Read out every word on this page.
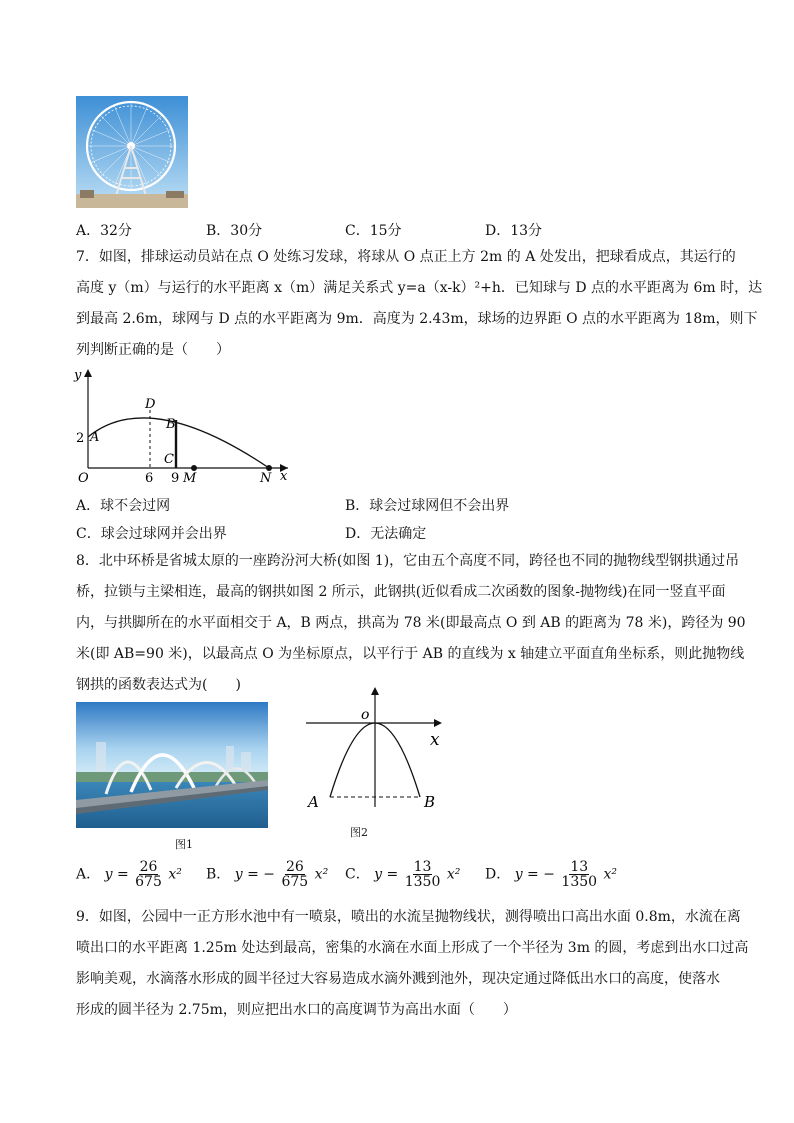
A．32分	B．30分	C．15分	D．13分
7．如图，排球运动员站在点 O 处练习发球，将球从 O 点正上方 2m 的 A 处发出，把球看成点，其运行的
高度 y（m）与运行的水平距离 x（m）满足关系式 y=a（x-k）²+h．已知球与 D 点的水平距离为 6m 时，达
到最高 2.6m，球网与 D 点的水平距离为 9m．高度为 2.43m，球场的边界距 O 点的水平距离为 18m，则下
列判断正确的是（　　）
y
x
O
D
B
C
A
2
6 9 M	N
A．球不会过网	B．球会过球网但不会出界
C．球会过球网并会出界	D．无法确定
8．北中环桥是省城太原的一座跨汾河大桥(如图 1)，它由五个高度不同，跨径也不同的抛物线型钢拱通过吊
桥，拉锁与主梁相连，最高的钢拱如图 2 所示，此钢拱(近似看成二次函数的图象-抛物线)在同一竖直平面
内，与拱脚所在的水平面相交于 A，B 两点，拱高为 78 米(即最高点 O 到 AB 的距离为 78 米)，跨径为 90
米(即 AB=90 米)，以最高点 O 为坐标原点，以平行于 AB 的直线为 x 轴建立平面直角坐标系，则此抛物线
钢拱的函数表达式为(　　)
图1
o
x
A	B
图2
A． $y = \frac{26}{675} x^2$ B． y = − $\frac{26}{675} x^2$ C． $y = \frac{13}{1350} x^2$ D． y = − $\frac{13}{1350} x^2$
9．如图，公园中一正方形水池中有一喷泉，喷出的水流呈抛物线状，测得喷出口高出水面 0.8m，水流在离
喷出口的水平距离 1.25m 处达到最高，密集的水滴在水面上形成了一个半径为 3m 的圆，考虑到出水口过高
影响美观，水滴落水形成的圆半径过大容易造成水滴外溅到池外，现决定通过降低出水口的高度，使落水
形成的圆半径为 2.75m，则应把出水口的高度调节为高出水面（　　）
